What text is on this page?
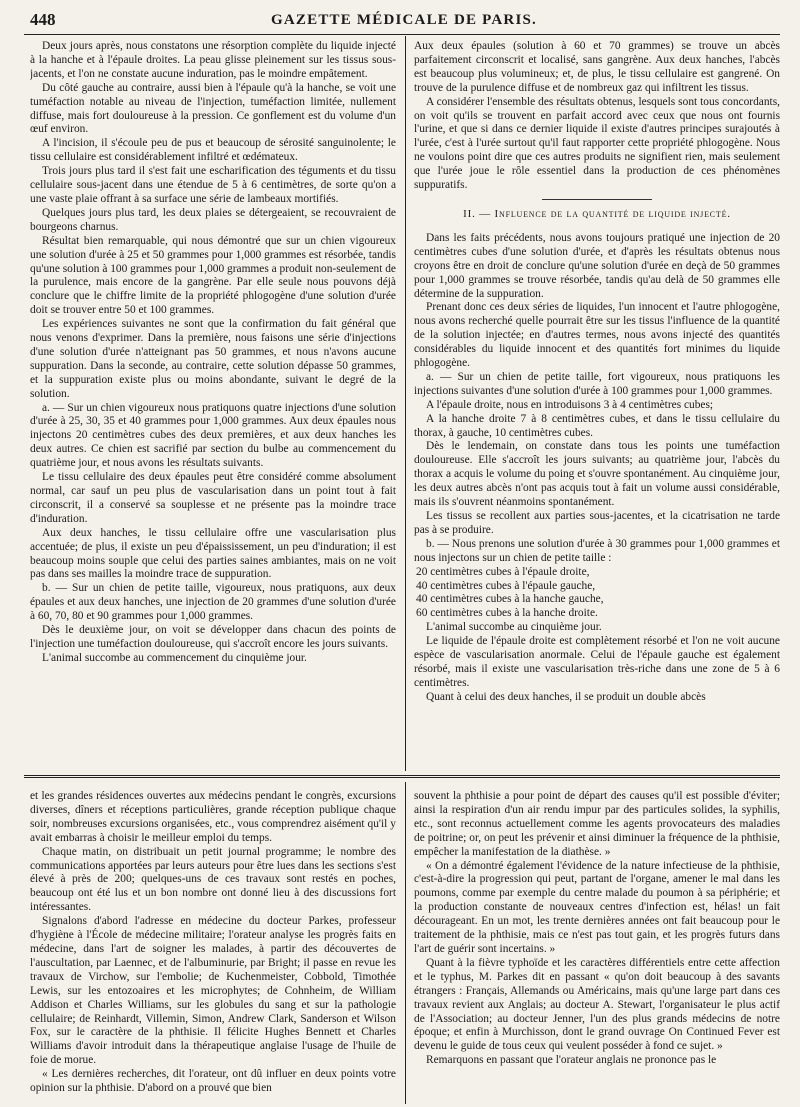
448	GAZETTE MÉDICALE DE PARIS.

Deux jours après, nous constatons une résorption complète du liquide injecté à la hanche et à l'épaule droites. La peau glisse pleinement sur les tissus sous-jacents, et l'on ne constate aucune induration, pas le moindre empâtement.

Du côté gauche au contraire, aussi bien à l'épaule qu'à la hanche, se voit une tuméfaction notable au niveau de l'injection, tuméfaction limitée, nullement diffuse, mais fort douloureuse à la pression. Ce gonflement est du volume d'un œuf environ.

A l'incision, il s'écoule peu de pus et beaucoup de sérosité sanguinolente; le tissu cellulaire est considérablement infiltré et œdémateux.

Trois jours plus tard il s'est fait une escharification des téguments et du tissu cellulaire sous-jacent dans une étendue de 5 à 6 centimètres, de sorte qu'on a une vaste plaie offrant à sa surface une série de lambeaux mortifiés.

Quelques jours plus tard, les deux plaies se détergeaient, se recouvraient de bourgeons charnus.

Résultat bien remarquable, qui nous démontré que sur un chien vigoureux une solution d'urée à 25 et 50 grammes pour 1,000 grammes est résorbée, tandis qu'une solution à 100 grammes pour 1,000 grammes a produit non-seulement de la purulence, mais encore de la gangrène. Par elle seule nous pouvons déjà conclure que le chiffre limite de la propriété phlogogène d'une solution d'urée doit se trouver entre 50 et 100 grammes.

Les expériences suivantes ne sont que la confirmation du fait général que nous venons d'exprimer. Dans la première, nous faisons une série d'injections d'une solution d'urée n'atteignant pas 50 grammes, et nous n'avons aucune suppuration. Dans la seconde, au contraire, cette solution dépasse 50 grammes, et la suppuration existe plus ou moins abondante, suivant le degré de la solution.

a. — Sur un chien vigoureux nous pratiquons quatre injections d'une solution d'urée à 25, 30, 35 et 40 grammes pour 1,000 grammes. Aux deux épaules nous injectons 20 centimètres cubes des deux premières, et aux deux hanches les deux autres. Ce chien est sacrifié par section du bulbe au commencement du quatrième jour, et nous avons les résultats suivants.

Le tissu cellulaire des deux épaules peut être considéré comme absolument normal, car sauf un peu plus de vascularisation dans un point tout à fait circonscrit, il a conservé sa souplesse et ne présente pas la moindre trace d'induration.

Aux deux hanches, le tissu cellulaire offre une vascularisation plus accentuée; de plus, il existe un peu d'épaississement, un peu d'induration; il est beaucoup moins souple que celui des parties saines ambiantes, mais on ne voit pas dans ses mailles la moindre trace de suppuration.

b. — Sur un chien de petite taille, vigoureux, nous pratiquons, aux deux épaules et aux deux hanches, une injection de 20 grammes d'une solution d'urée à 60, 70, 80 et 90 grammes pour 1,000 grammes.

Dès le deuxième jour, on voit se développer dans chacun des points de l'injection une tuméfaction douloureuse, qui s'accroît encore les jours suivants.

L'animal succombe au commencement du cinquième jour.

Aux deux épaules (solution à 60 et 70 grammes) se trouve un abcès parfaitement circonscrit et localisé, sans gangrène. Aux deux hanches, l'abcès est beaucoup plus volumineux; et, de plus, le tissu cellulaire est gangrené. On trouve de la purulence diffuse et de nombreux gaz qui infiltrent les tissus.

A considérer l'ensemble des résultats obtenus, lesquels sont tous concordants, on voit qu'ils se trouvent en parfait accord avec ceux que nous ont fournis l'urine, et que si dans ce dernier liquide il existe d'autres principes surajoutés à l'urée, c'est à l'urée surtout qu'il faut rapporter cette propriété phlogogène. Nous ne voulons point dire que ces autres produits ne signifient rien, mais seulement que l'urée joue le rôle essentiel dans la production de ces phénomènes suppuratifs.

II. — Influence de la quantité de liquide injecté.

Dans les faits précédents, nous avons toujours pratiqué une injection de 20 centimètres cubes d'une solution d'urée, et d'après les résultats obtenus nous croyons être en droit de conclure qu'une solution d'urée en deçà de 50 grammes pour 1,000 grammes se trouve résorbée, tandis qu'au delà de 50 grammes elle détermine de la suppuration.

Prenant donc ces deux séries de liquides, l'un innocent et l'autre phlogogène, nous avons recherché quelle pourrait être sur les tissus l'influence de la quantité de la solution injectée; en d'autres termes, nous avons injecté des quantités considérables du liquide innocent et des quantités fort minimes du liquide phlogogène.

a. — Sur un chien de petite taille, fort vigoureux, nous pratiquons les injections suivantes d'une solution d'urée à 100 grammes pour 1,000 grammes.

A l'épaule droite, nous en introduisons 3 à 4 centimètres cubes;

A la hanche droite 7 à 8 centimètres cubes, et dans le tissu cellulaire du thorax, à gauche, 10 centimètres cubes.

Dès le lendemain, on constate dans tous les points une tuméfaction douloureuse. Elle s'accroît les jours suivants; au quatrième jour, l'abcès du thorax a acquis le volume du poing et s'ouvre spontanément. Au cinquième jour, les deux autres abcès n'ont pas acquis tout à fait un volume aussi considérable, mais ils s'ouvrent néanmoins spontanément.

Les tissus se recollent aux parties sous-jacentes, et la cicatrisation ne tarde pas à se produire.

b. — Nous prenons une solution d'urée à 30 grammes pour 1,000 grammes et nous injectons sur un chien de petite taille :

20 centimètres cubes à l'épaule droite,

40 centimètres cubes à l'épaule gauche,

40 centimètres cubes à la hanche gauche,

60 centimètres cubes à la hanche droite.

L'animal succombe au cinquième jour.

Le liquide de l'épaule droite est complètement résorbé et l'on ne voit aucune espèce de vascularisation anormale. Celui de l'épaule gauche est également résorbé, mais il existe une vascularisation très-riche dans une zone de 5 à 6 centimètres.

Quant à celui des deux hanches, il se produit un double abcès

et les grandes résidences ouvertes aux médecins pendant le congrès, excursions diverses, dîners et réceptions particulières, grande réception publique chaque soir, nombreuses excursions organisées, etc., vous comprendrez aisément qu'il y avait embarras à choisir le meilleur emploi du temps.

Chaque matin, on distribuait un petit journal programme; le nombre des communications apportées par leurs auteurs pour être lues dans les sections s'est élevé à près de 200; quelques-uns de ces travaux sont restés en poches, beaucoup ont été lus et un bon nombre ont donné lieu à des discussions fort intéressantes.

Signalons d'abord l'adresse en médecine du docteur Parkes, professeur d'hygiène à l'École de médecine militaire; l'orateur analyse les progrès faits en médecine, dans l'art de soigner les malades, à partir des découvertes de l'auscultation, par Laennec, et de l'albuminurie, par Bright; il passe en revue les travaux de Virchow, sur l'embolie; de Kuchenmeister, Cobbold, Timothée Lewis, sur les entozoaires et les microphytes; de Cohnheim, de William Addison et Charles Williams, sur les globules du sang et sur la pathologie cellulaire; de Reinhardt, Villemin, Simon, Andrew Clark, Sanderson et Wilson Fox, sur le caractère de la phthisie. Il félicite Hughes Bennett et Charles Williams d'avoir introduit dans la thérapeutique anglaise l'usage de l'huile de foie de morue.

« Les dernières recherches, dit l'orateur, ont dû influer en deux points votre opinion sur la phthisie. D'abord on a prouvé que bien

souvent la phthisie a pour point de départ des causes qu'il est possible d'éviter; ainsi la respiration d'un air rendu impur par des particules solides, la syphilis, etc., sont reconnus actuellement comme les agents provocateurs des maladies de poitrine; or, on peut les prévenir et ainsi diminuer la fréquence de la phthisie, empêcher la manifestation de la diathèse. »

« On a démontré également l'évidence de la nature infectieuse de la phthisie, c'est-à-dire la progression qui peut, partant de l'organe, amener le mal dans les poumons, comme par exemple du centre malade du poumon à sa périphérie; et la production constante de nouveaux centres d'infection est, hélas! un fait décourageant. En un mot, les trente dernières années ont fait beaucoup pour le traitement de la phthisie, mais ce n'est pas tout gain, et les progrès futurs dans l'art de guérir sont incertains. »

Quant à la fièvre typhoïde et les caractères différentiels entre cette affection et le typhus, M. Parkes dit en passant « qu'on doit beaucoup à des savants étrangers : Français, Allemands ou Américains, mais qu'une large part dans ces travaux revient aux Anglais; au docteur A. Stewart, l'organisateur le plus actif de l'Association; au docteur Jenner, l'un des plus grands médecins de notre époque; et enfin à Murchisson, dont le grand ouvrage On Continued Fever est devenu le guide de tous ceux qui veulent posséder à fond ce sujet. »

Remarquons en passant que l'orateur anglais ne prononce pas le
